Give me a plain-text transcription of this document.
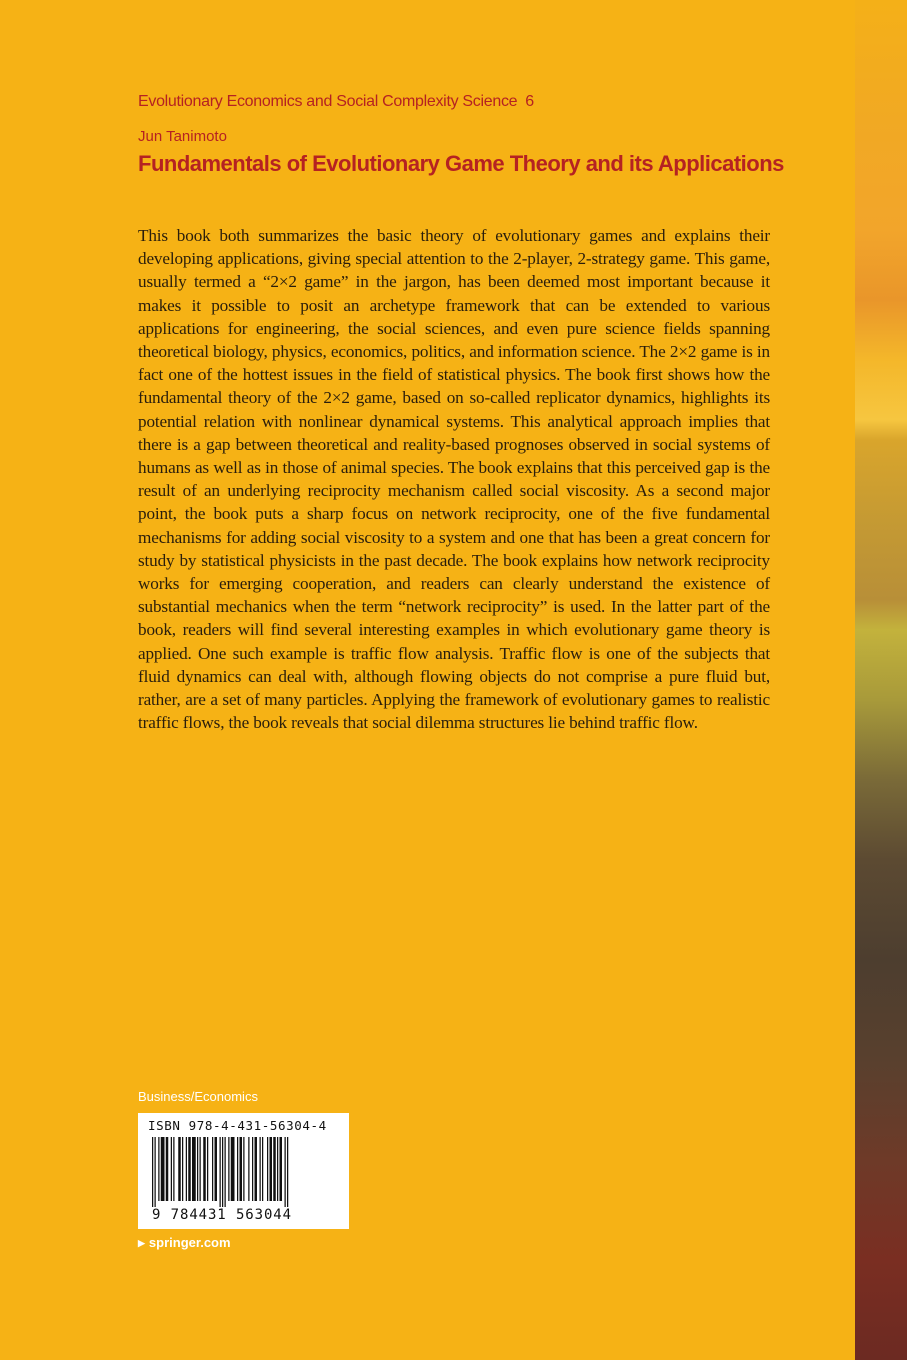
Evolutionary Economics and Social Complexity Science 6

Jun Tanimoto

Fundamentals of Evolutionary Game Theory and its Applications

This book both summarizes the basic theory of evolutionary games and explains their developing applications, giving special attention to the 2-player, 2-strategy game. This game, usually termed a “2×2 game” in the jargon, has been deemed most important because it makes it possible to posit an archetype framework that can be extended to various applications for engineering, the social sciences, and even pure science fields spanning theoretical biology, physics, economics, politics, and information science. The 2×2 game is in fact one of the hottest issues in the field of statistical physics. The book first shows how the fundamental theory of the 2×2 game, based on so-called replicator dynamics, highlights its potential relation with nonlinear dynamical systems. This analytical approach implies that there is a gap between theoretical and reality-based prognoses observed in social systems of humans as well as in those of animal species. The book explains that this perceived gap is the result of an underlying reciprocity mechanism called social viscosity. As a second major point, the book puts a sharp focus on network reciprocity, one of the five fundamental mechanisms for adding social viscosity to a system and one that has been a great concern for study by statistical physicists in the past decade. The book explains how network reciprocity works for emerging cooperation, and readers can clearly understand the existence of substantial mechanics when the term “network reciprocity” is used. In the latter part of the book, readers will find several interesting examples in which evolutionary game theory is applied. One such example is traffic flow analysis. Traffic flow is one of the subjects that fluid dynamics can deal with, although flowing objects do not comprise a pure fluid but, rather, are a set of many particles. Applying the framework of evolutionary games to realistic traffic flows, the book reveals that social dilemma structures lie behind traffic flow.

Business/Economics

ISBN 978-4-431-56304-4

9 784431 563044

▶ springer.com
